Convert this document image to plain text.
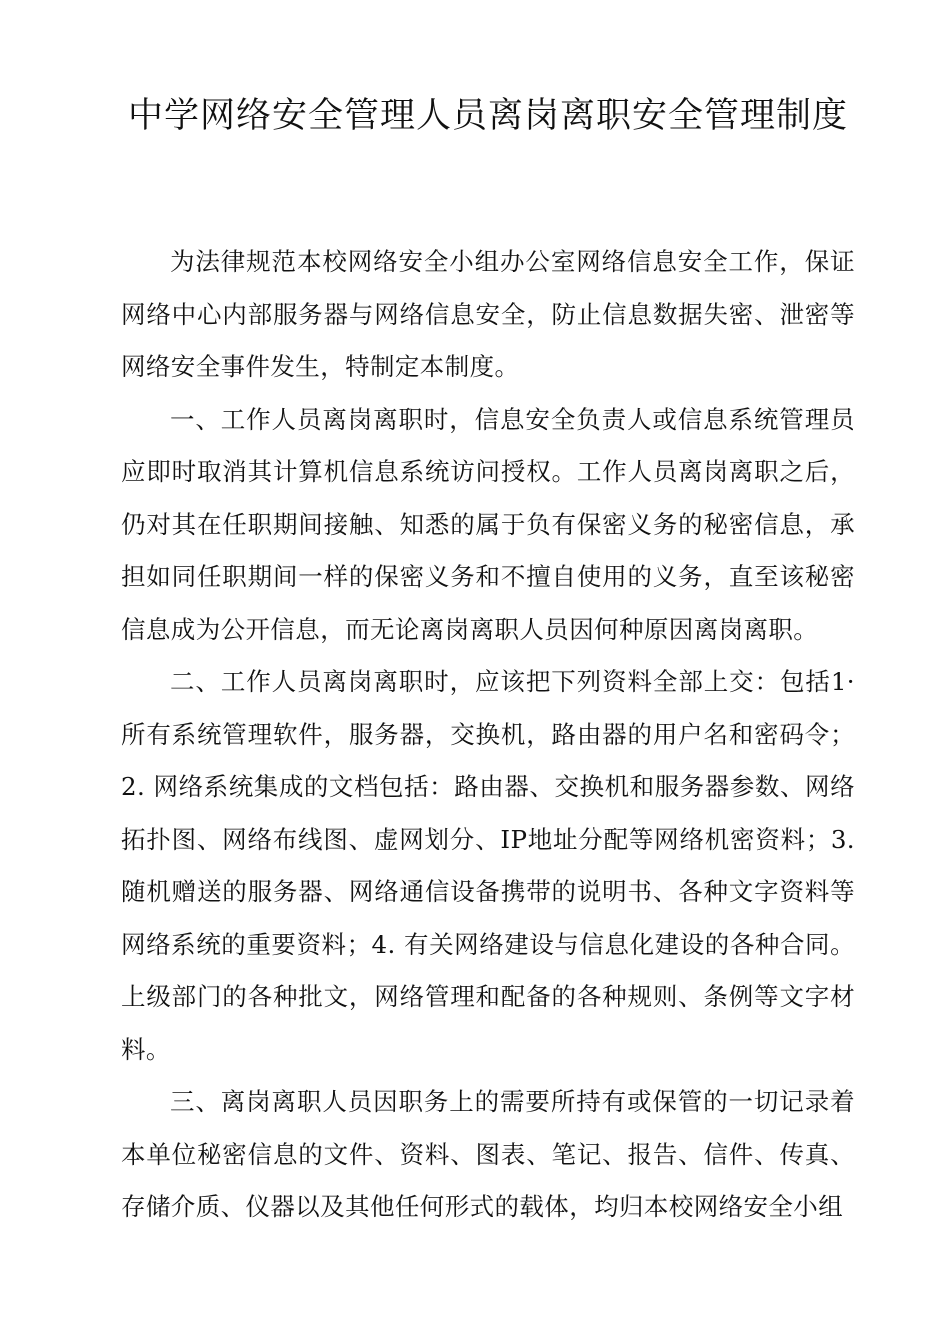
中学网络安全管理人员离岗离职安全管理制度

为法律规范本校网络安全小组办公室网络信息安全工作，保证网络中心内部服务器与网络信息安全，防止信息数据失密、泄密等网络安全事件发生，特制定本制度。

一、工作人员离岗离职时，信息安全负责人或信息系统管理员应即时取消其计算机信息系统访问授权。工作人员离岗离职之后，仍对其在任职期间接触、知悉的属于负有保密义务的秘密信息，承担如同任职期间一样的保密义务和不擅自使用的义务，直至该秘密信息成为公开信息，而无论离岗离职人员因何种原因离岗离职。

二、工作人员离岗离职时，应该把下列资料全部上交：包括1·所有系统管理软件，服务器，交换机，路由器的用户名和密码令；2. 网络系统集成的文档包括：路由器、交换机和服务器参数、网络拓扑图、网络布线图、虚网划分、IP地址分配等网络机密资料；3. 随机赠送的服务器、网络通信设备携带的说明书、各种文字资料等网络系统的重要资料；4. 有关网络建设与信息化建设的各种合同。上级部门的各种批文，网络管理和配备的各种规则、条例等文字材料。

三、离岗离职人员因职务上的需要所持有或保管的一切记录着本单位秘密信息的文件、资料、图表、笔记、报告、信件、传真、存储介质、仪器以及其他任何形式的载体，均归本校网络安全小组
